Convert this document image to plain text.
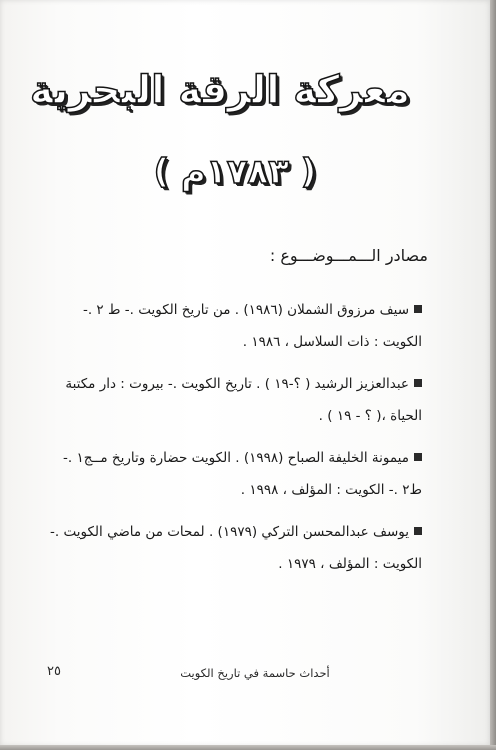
معركة الرقة البحرية
( ١٧٨٣م )
مصادر الـــمـــوضـــوع :
سيف مرزوق الشملان (١٩٨٦) . من تاريخ الكويت .- ط ٢ .-
الكويت : ذات السلاسل ، ١٩٨٦ .
عبدالعزيز الرشيد ( ؟-١٩ ) . تاريخ الكويت .- بيروت : دار مكتبة
الحياة ،( ؟ - ١٩ ) .
ميمونة الخليفة الصباح (١٩٩٨) . الكويت حضارة وتاريخ مــج١ .-
ط٢ .- الكويت : المؤلف ، ١٩٩٨ .
يوسف عبدالمحسن التركي (١٩٧٩) . لمحات من ماضي الكويت .-
الكويت : المؤلف ، ١٩٧٩ .
أحداث حاسمة في تاريخ الكويت
٢٥
